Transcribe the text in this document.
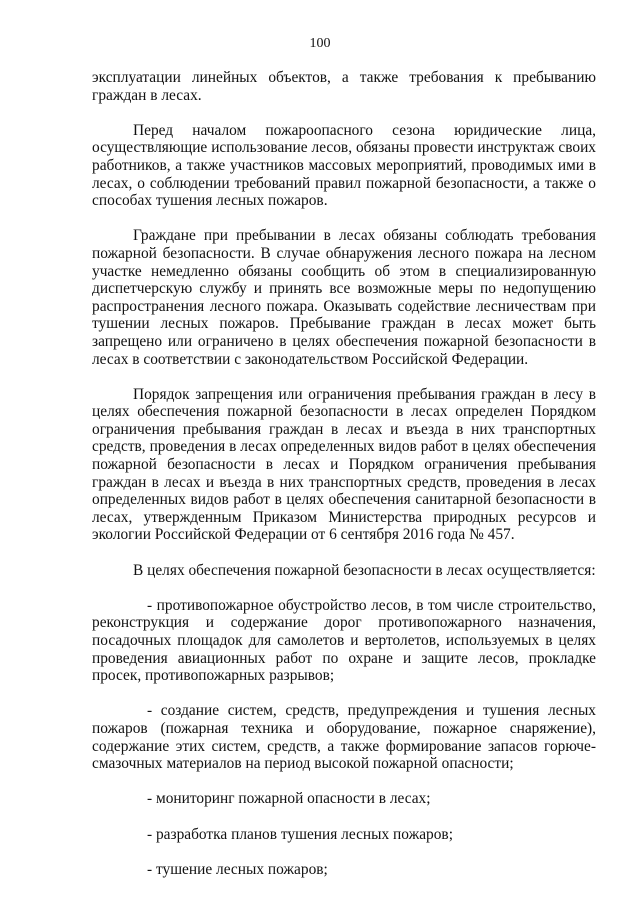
100

эксплуатации линейных объектов, а также требования к пребыванию граждан в лесах.

Перед началом пожароопасного сезона юридические лица, осуществляющие использование лесов, обязаны провести инструктаж своих работников, а также участников массовых мероприятий, проводимых ими в лесах, о соблюдении требований правил пожарной безопасности, а также о способах тушения лесных пожаров.

Граждане при пребывании в лесах обязаны соблюдать требования пожарной безопасности. В случае обнаружения лесного пожара на лесном участке немедленно обязаны сообщить об этом в специализированную диспетчерскую службу и принять все возможные меры по недопущению распространения лесного пожара. Оказывать содействие лесничествам при тушении лесных пожаров. Пребывание граждан в лесах может быть запрещено или ограничено в целях обеспечения пожарной безопасности в лесах в соответствии с законодательством Российской Федерации.

Порядок запрещения или ограничения пребывания граждан в лесу в целях обеспечения пожарной безопасности в лесах определен Порядком ограничения пребывания граждан в лесах и въезда в них транспортных средств, проведения в лесах определенных видов работ в целях обеспечения пожарной безопасности в лесах и Порядком ограничения пребывания граждан в лесах и въезда в них транспортных средств, проведения в лесах определенных видов работ в целях обеспечения санитарной безопасности в лесах, утвержденным Приказом Министерства природных ресурсов и экологии Российской Федерации от 6 сентября 2016 года № 457.

В целях обеспечения пожарной безопасности в лесах осуществляется:

- противопожарное обустройство лесов, в том числе строительство, реконструкция и содержание дорог противопожарного назначения, посадочных площадок для самолетов и вертолетов, используемых в целях проведения авиационных работ по охране и защите лесов, прокладке просек, противопожарных разрывов;

- создание систем, средств, предупреждения и тушения лесных пожаров (пожарная техника и оборудование, пожарное снаряжение), содержание этих систем, средств, а также формирование запасов горюче-смазочных материалов на период высокой пожарной опасности;

- мониторинг пожарной опасности в лесах;

- разработка планов тушения лесных пожаров;

- тушение лесных пожаров;
